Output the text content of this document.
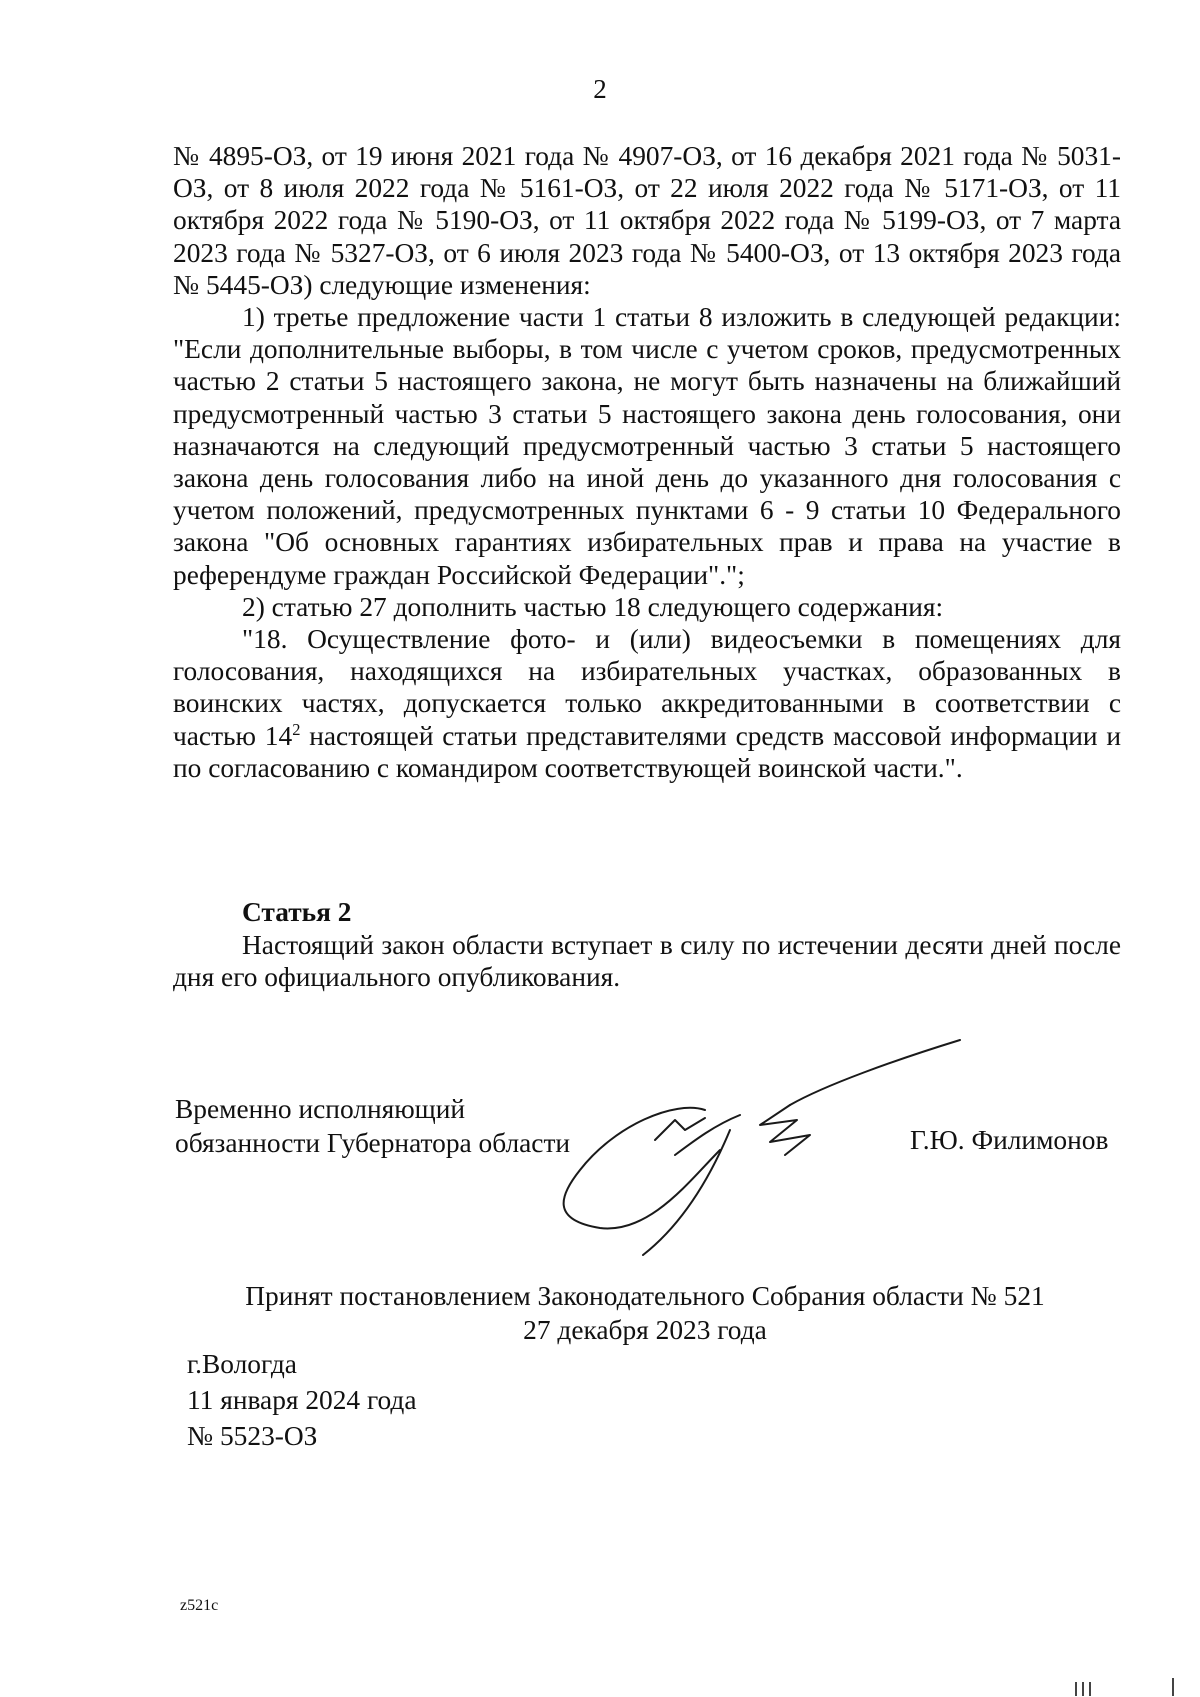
2

№ 4895-ОЗ, от 19 июня 2021 года № 4907-ОЗ, от 16 декабря 2021 года № 5031-ОЗ, от 8 июля 2022 года № 5161-ОЗ, от 22 июля 2022 года № 5171-ОЗ, от 11 октября 2022 года № 5190-ОЗ, от 11 октября 2022 года № 5199-ОЗ, от 7 марта 2023 года № 5327-ОЗ, от 6 июля 2023 года № 5400-ОЗ, от 13 октября 2023 года № 5445-ОЗ) следующие изменения:

1) третье предложение части 1 статьи 8 изложить в следующей редакции: "Если дополнительные выборы, в том числе с учетом сроков, предусмотренных частью 2 статьи 5 настоящего закона, не могут быть назначены на ближайший предусмотренный частью 3 статьи 5 настоящего закона день голосования, они назначаются на следующий предусмотренный частью 3 статьи 5 настоящего закона день голосования либо на иной день до указанного дня голосования с учетом положений, предусмотренных пунктами 6 - 9 статьи 10 Федерального закона "Об основных гарантиях избирательных прав и права на участие в референдуме граждан Российской Федерации".";

2) статью 27 дополнить частью 18 следующего содержания:

"18. Осуществление фото- и (или) видеосъемки в помещениях для голосования, находящихся на избирательных участках, образованных в воинских частях, допускается только аккредитованными в соответствии с частью $14^2$ настоящей статьи представителями средств массовой информации и по согласованию с командиром соответствующей воинской части.".

Статья 2

Настоящий закон области вступает в силу по истечении десяти дней после дня его официального опубликования.

Временно исполняющий
обязанности Губернатора области	Г.Ю. Филимонов
Принят постановлением Законодательного Собрания области № 521
27 декабря 2023 года
г.Вологда
11 января 2024 года
№ 5523-ОЗ
z521c
